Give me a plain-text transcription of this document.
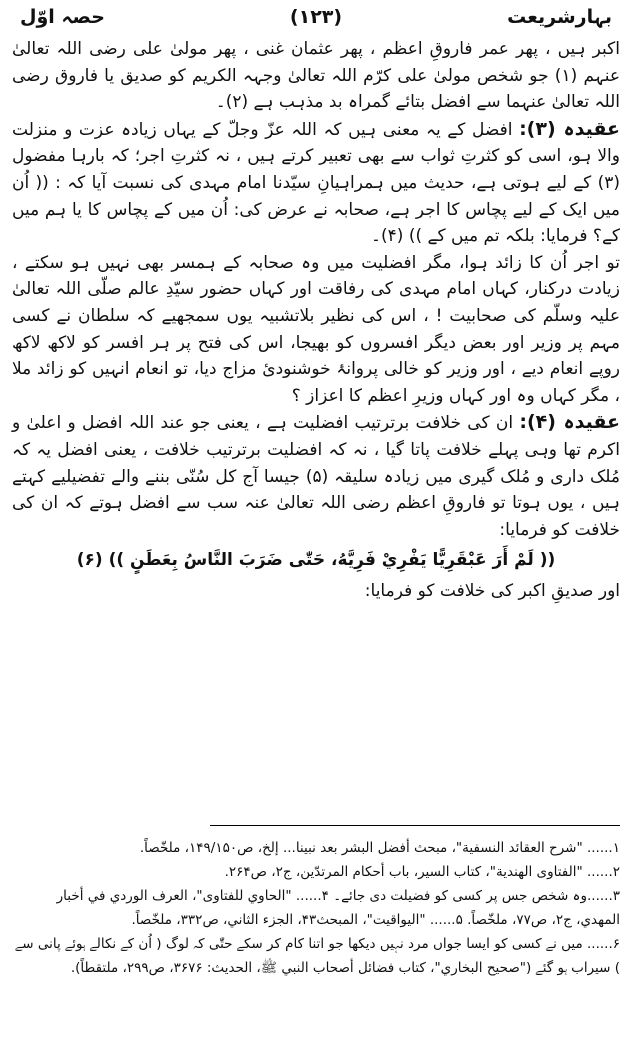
بہارشریعت
(۱۲۳)
حصہ اوّل

اکبر ہیں ، پھر عمر فاروقِ اعظم ، پھر عثمان غنی ، پھر مولیٰ علی رضی اللہ تعالیٰ عنہم (۱) جو شخص مولیٰ علی کرّم اللہ تعالیٰ وجہہ الکریم کو صدیق یا فاروق رضی اللہ تعالیٰ عنہما سے افضل بتائے گمراہ بد مذہب ہے (۲)۔

عقیدہ (۳): افضل کے یہ معنی ہیں کہ اللہ عزّ وجلّ کے یہاں زیادہ عزت و منزلت والا ہو، اسی کو کثرتِ ثواب سے بھی تعبیر کرتے ہیں ، نہ کثرتِ اجر؛ کہ بارہا مفضول (۳) کے لیے ہوتی ہے، حدیث میں ہمراہیانِ سیّدنا امام مہدی کی نسبت آیا کہ : (( اُن میں ایک کے لیے پچاس کا اجر ہے، صحابہ نے عرض کی: اُن میں کے پچاس کا یا ہم میں کے؟ فرمایا: بلکہ تم میں کے )) (۴)۔

تو اجر اُن کا زائد ہوا، مگر افضلیت میں وہ صحابہ کے ہمسر بھی نہیں ہو سکتے ، زیادت درکنار، کہاں امام مہدی کی رفاقت اور کہاں حضور سیّدِ عالم صلّی اللہ تعالیٰ علیہ وسلّم کی صحابیت ! ، اس کی نظیر بلاتشبیہ یوں سمجھیے کہ سلطان نے کسی مہم پر وزیر اور بعض دیگر افسروں کو بھیجا، اس کی فتح پر ہر افسر کو لاکھ لاکھ روپے انعام دیے ، اور وزیر کو خالی پروانۂ خوشنودیٔ مزاج دیا، تو انعام انہیں کو زائد ملا ، مگر کہاں وہ اور کہاں وزیرِ اعظم کا اعزاز ؟

عقیدہ (۴): ان کی خلافت برترتیب افضلیت ہے ، یعنی جو عند اللہ افضل و اعلیٰ و اکرم تھا وہی پہلے خلافت پاتا گیا ، نہ کہ افضلیت برترتیب خلافت ، یعنی افضل یہ کہ مُلک داری و مُلک گیری میں زیادہ سلیقہ (۵) جیسا آج کل سُنّی بننے والے تفضیلیے کہتے ہیں ، یوں ہوتا تو فاروقِ اعظم رضی اللہ تعالیٰ عنہ سب سے افضل ہوتے کہ ان کی خلافت کو فرمایا:

(( لَمْ أَرَ عَبْقَرِيًّا يَفْرِيْ فَرِيَّهُ، حَتّٰى ضَرَبَ النَّاسُ بِعَطَنٍ )) (۶)

اور صدیقِ اکبر کی خلافت کو فرمایا:

۱...... "شرح العقائد النسفية"، مبحث أفضل البشر بعد نبينا... إلخ، ص۱۴۹/۱۵۰، ملخّصاً.

۲...... "الفتاوى الهندية"، كتاب السير، باب أحكام المرتدّين، ج۲، ص۲۶۴.

۳......وہ شخص جس پر کسی کو فضیلت دی جائے۔ ۴...... "الحاوي للفتاوى"، العرف الوردي في أخبار المهدي، ج۲، ص۷۷، ملخّصاً. ۵...... "اليواقيت"، المبحث۴۳، الجزء الثاني، ص۳۳۲، ملخّصاً.

۶...... میں نے کسی کو ایسا جواں مرد نہیں دیکھا جو اتنا کام کر سکے حتّٰی کہ لوگ ( اُن کے نکالے ہوئے پانی سے ) سیراب ہو گئے ("صحيح البخاري"، كتاب فضائل أصحاب النبي ﷺ، الحديث: ۳۶۷۶، ص۲۹۹، ملتقطاً).
